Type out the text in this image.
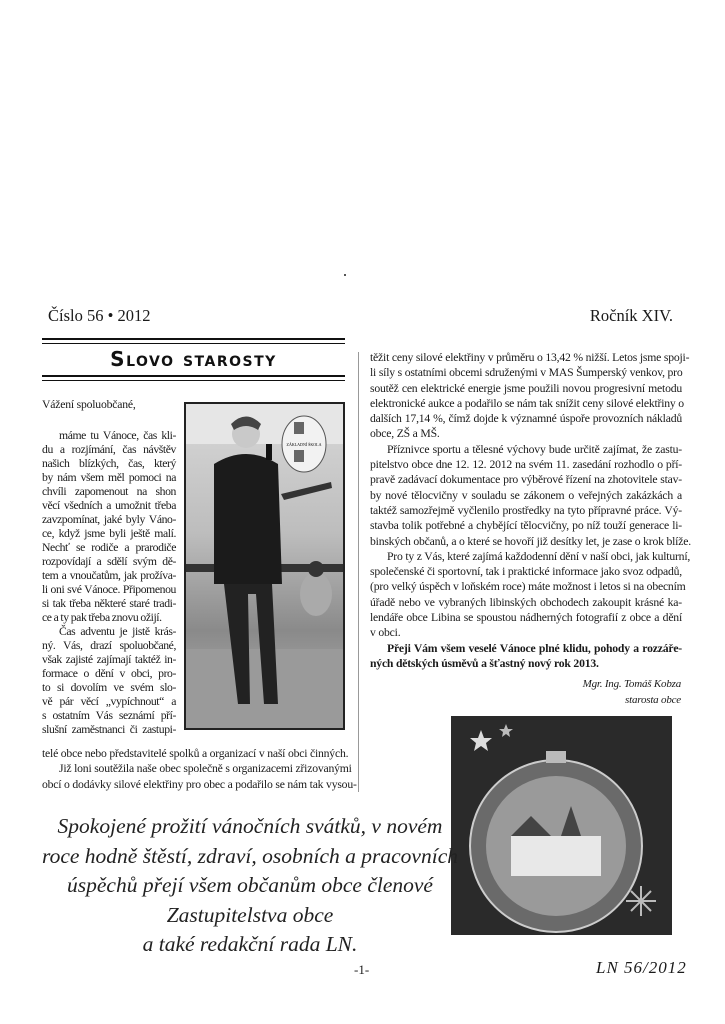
Číslo 56 • 2012	Ročník XIV.
Slovo starosty
Vážení spoluobčané,
ZÁKLADNÍ ŠKOLA
máme tu Vánoce, čas kli-
du a rozjímání, čas návštěv
našich blízkých, čas, který
by nám všem měl pomoci na
chvíli zapomenout na shon
věcí všedních a umožnit třeba
zavzpomínat, jaké byly Váno-
ce, když jsme byli ještě malí.
Nechť se rodiče a prarodiče
rozpovídají a sdělí svým dě-
tem a vnoučatům, jak prožíva-
li oni své Vánoce. Připomenou
si tak třeba některé staré tradi-
ce a ty pak třeba znovu ožijí.
Čas adventu je jistě krás-
ný. Vás, drazí spoluobčané,
však zajisté zajímají taktéž in-
formace o dění v obci, pro-
to si dovolím ve svém slo-
vě pár věcí „vypíchnout“ a
s ostatním Vás seznámí pří-
slušní zaměstnanci či zastupi-
telé obce nebo představitelé spolků a organizací v naší obci činných.
Již loni soutěžila naše obec společně s organizacemi zřizovanými
obcí o dodávky silové elektřiny pro obec a podařilo se nám tak vysou-
těžit ceny silové elektřiny v průměru o 13,42 % nižší. Letos jsme spoji-
li síly s ostatními obcemi sdruženými v MAS Šumperský venkov, pro
soutěž cen elektrické energie jsme použili novou progresivní metodu
elektronické aukce a podařilo se nám tak snížit ceny silové elektřiny o
dalších 17,14 %, čímž dojde k významné úspoře provozních nákladů
obce, ZŠ a MŠ.
Příznivce sportu a tělesné výchovy bude určitě zajímat, že zastu-
pitelstvo obce dne 12. 12. 2012 na svém 11. zasedání rozhodlo o pří-
pravě zadávací dokumentace pro výběrové řízení na zhotovitele stav-
by nové tělocvičny v souladu se zákonem o veřejných zakázkách a
taktéž samozřejmě vyčlenilo prostředky na tyto přípravné práce. Vý-
stavba tolik potřebné a chybějící tělocvičny, po níž touží generace li-
binských občanů, a o které se hovoří již desítky let, je zase o krok blíže.
Pro ty z Vás, které zajímá každodenní dění v naší obci, jak kulturní,
společenské či sportovní, tak i praktické informace jako svoz odpadů,
(pro velký úspěch v loňském roce) máte možnost i letos si na obecním
úřadě nebo ve vybraných libinských obchodech zakoupit krásné ka-
lendáře obce Libina se spoustou nádherných fotografií z obce a dění
v obci.
Přeji Vám všem veselé Vánoce plné klidu, pohody a rozzáře-
ných dětských úsměvů a šťastný nový rok 2013.
Mgr. Ing. Tomáš Kobza
starosta obce
Spokojené prožití vánočních svátků, v novém
roce hodně štěstí, zdraví, osobních a pracovních
úspěchů přejí všem občanům obce členové
Zastupitelstva obce
a také redakční rada LN.
-1-	LN 56/2012
